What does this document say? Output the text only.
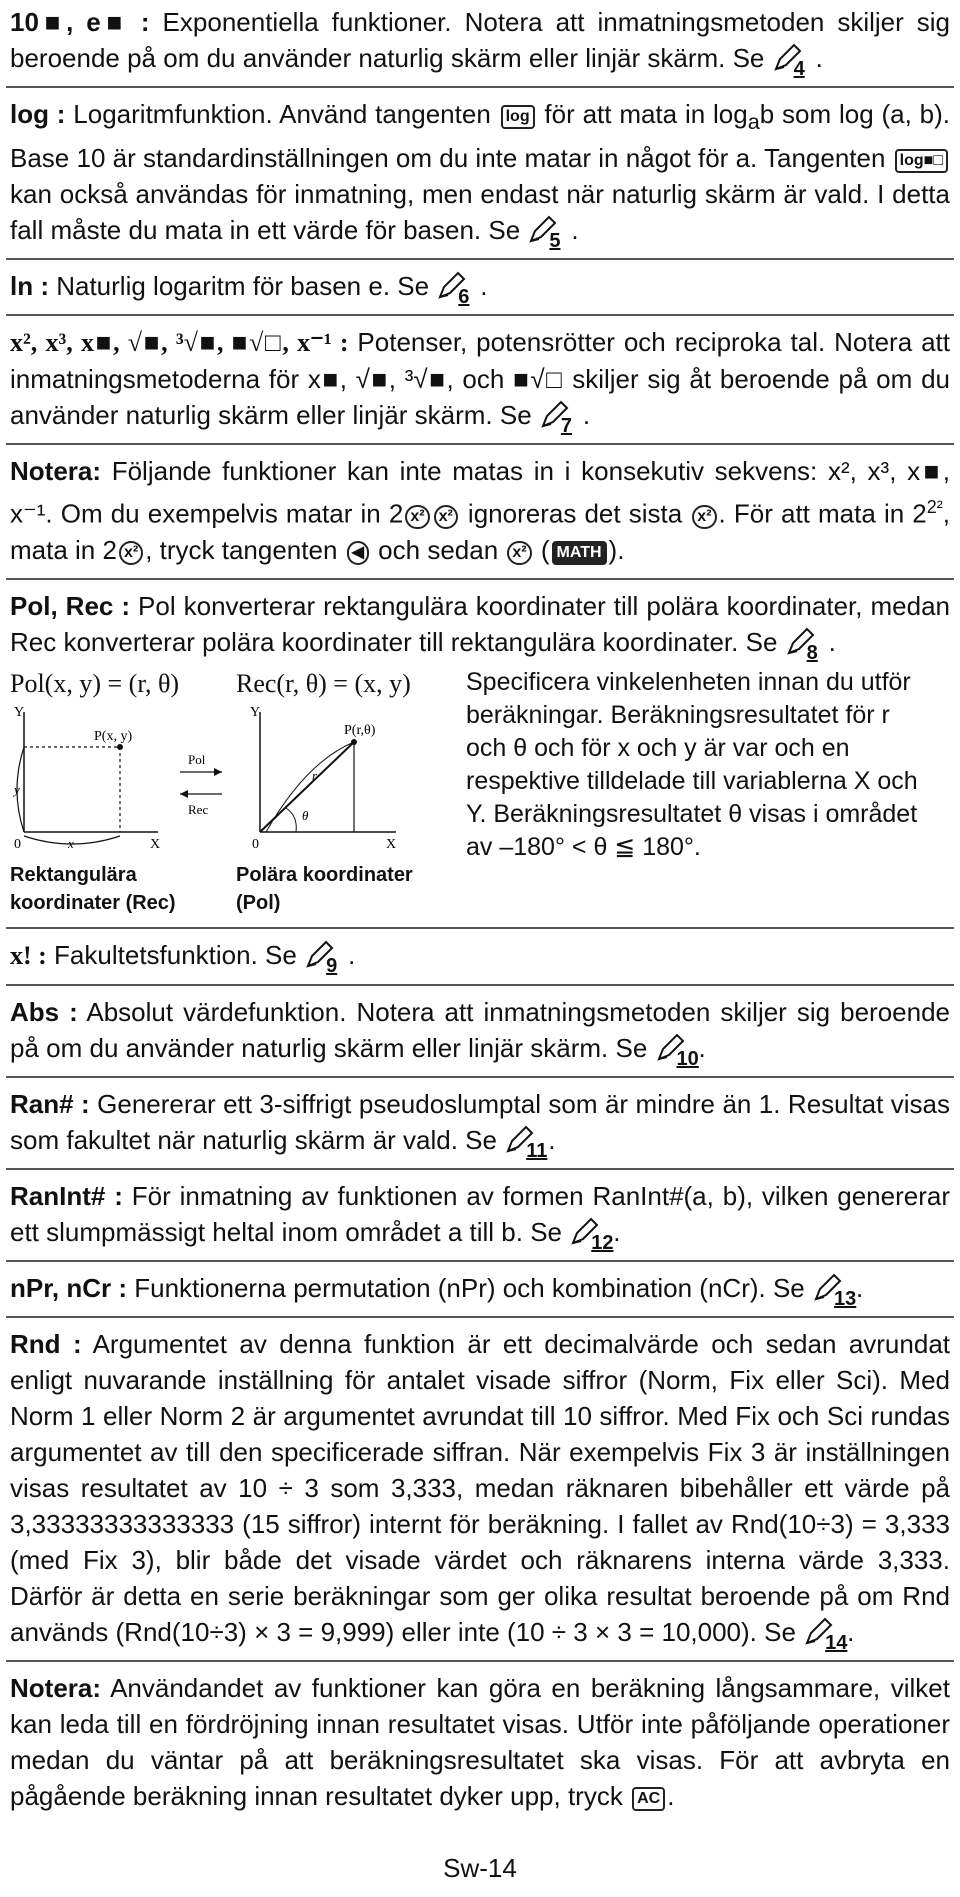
10■, e■ : Exponentiella funktioner. Notera att inmatningsmetoden skiljer sig beroende på om du använder naturlig skärm eller linjär skärm. Se 4 .

log : Logaritmfunktion. Använd tangenten log för att mata in $\log_ab$ som log (a, b). Base 10 är standardinställningen om du inte matar in något för a. Tangenten log■□ kan också användas för inmatning, men endast när naturlig skärm är vald. I detta fall måste du mata in ett värde för basen. Se 5 .

ln : Naturlig logaritm för basen e. Se 6 .

x², x³, x■, √■, ³√■, ■√□, x⁻¹ : Potenser, potensrötter och reciproka tal. Notera att inmatningsmetoderna för x■, √■, ³√■, och ■√□ skiljer sig åt beroende på om du använder naturlig skärm eller linjär skärm. Se 7 .

Notera: Följande funktioner kan inte matas in i konsekutiv sekvens: x², x³, x■, x⁻¹. Om du exempelvis matar in 2 x² x² ignoreras det sista x² . För att mata in $2^{2^2}$, mata in 2 x² , tryck tangenten ◀ och sedan x² ( MATH ).

Pol, Rec : Pol konverterar rektangulära koordinater till polära koordinater, medan Rec konverterar polära koordinater till rektangulära koordinater. Se 8 .

Pol(x, y) = (r, θ)
Y
X
0
P(x, y)
y
x
Pol
Rec
Rektangulära koordinater (Rec)
Rec(r, θ) = (x, y)
Y
X
0
P(r,θ)
r
θ
Polära koordinater (Pol)
Specificera vinkelenheten innan du utför beräkningar. Beräkningsresultatet för r och θ och för x och y är var och en respektive tilldelade till variablerna X och Y. Beräkningsresultatet θ visas i området av –180° < θ ≦ 180°.

x! : Fakultetsfunktion. Se 9 .

Abs : Absolut värdefunktion. Notera att inmatningsmetoden skiljer sig beroende på om du använder naturlig skärm eller linjär skärm. Se 10 .

Ran# : Genererar ett 3-siffrigt pseudoslumptal som är mindre än 1. Resultat visas som fakultet när naturlig skärm är vald. Se 11 .

RanInt# : För inmatning av funktionen av formen RanInt#(a, b), vilken genererar ett slumpmässigt heltal inom området a till b. Se 12 .

nPr, nCr : Funktionerna permutation (nPr) och kombination (nCr). Se 13 .

Rnd : Argumentet av denna funktion är ett decimalvärde och sedan avrundat enligt nuvarande inställning för antalet visade siffror (Norm, Fix eller Sci). Med Norm 1 eller Norm 2 är argumentet avrundat till 10 siffror. Med Fix och Sci rundas argumentet av till den specificerade siffran. När exempelvis Fix 3 är inställningen visas resultatet av 10 ÷ 3 som 3,333, medan räknaren bibehåller ett värde på 3,33333333333333 (15 siffror) internt för beräkning. I fallet av Rnd(10÷3) = 3,333 (med Fix 3), blir både det visade värdet och räknarens interna värde 3,333. Därför är detta en serie beräkningar som ger olika resultat beroende på om Rnd används (Rnd(10÷3) × 3 = 9,999) eller inte (10 ÷ 3 × 3 = 10,000). Se 14 .

Notera: Användandet av funktioner kan göra en beräkning långsammare, vilket kan leda till en fördröjning innan resultatet visas. Utför inte påföljande operationer medan du väntar på att beräkningsresultatet ska visas. För att avbryta en pågående beräkning innan resultatet dyker upp, tryck AC .

Sw-14
